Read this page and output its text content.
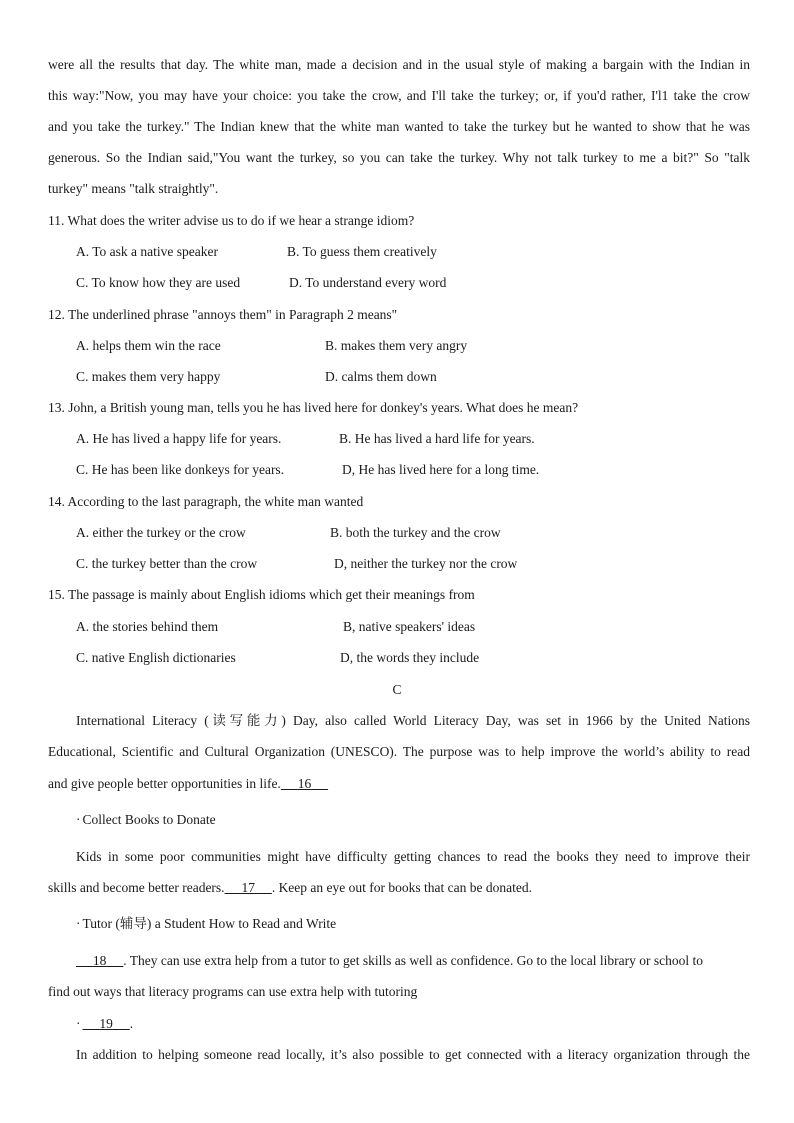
were all the results that day. The white man, made a decision and in the usual style of making a bargain with the Indian in
this way:"Now, you may have your choice: you take the crow, and I'll take the turkey; or, if you'd rather, I'l1 take the crow
and you take the turkey." The Indian knew that the white man wanted to take the turkey but he wanted to show that he was
generous. So the Indian said,"You want the turkey, so you can take the turkey. Why not talk turkey to me a bit?" So "talk
turkey" means "talk straightly".
11. What does the writer advise us to do if we hear a strange idiom?
A. To ask a native speaker	B. To guess them creatively
C. To know how they are used	D. To understand every word
12. The underlined phrase "annoys them" in Paragraph 2 means"
A. helps them win the race	B. makes them very angry
C. makes them very happy	D. calms them down
13. John, a British young man, tells you he has lived here for donkey's years. What does he mean?
A. He has lived a happy life for years.	B. He has lived a hard life for years.
C. He has been like donkeys for years.	D, He has lived here for a long time.
14. According to the last paragraph, the white man wanted
A. either the turkey or the crow	B. both the turkey and the crow
C. the turkey better than the crow	D, neither the turkey nor the crow
15. The passage is mainly about English idioms which get their meanings from
A. the stories behind them	B, native speakers' ideas
C. native English dictionaries	D, the words they include
C
International Literacy (读写能力) Day, also called World Literacy Day, was set in 1966 by the United Nations
Educational, Scientific and Cultural Organization (UNESCO). The purpose was to help improve the world’s ability to read
and give people better opportunities in life. 16
· Collect Books to Donate
Kids in some poor communities might have difficulty getting chances to read the books they need to improve their
skills and become better readers. 17 . Keep an eye out for books that can be donated.
· Tutor (辅导) a Student How to Read and Write
18 . They can use extra help from a tutor to get skills as well as confidence. Go to the local library or school to
find out ways that literacy programs can use extra help with tutoring
· 19 .
In addition to helping someone read locally, it’s also possible to get connected with a literacy organization through the
